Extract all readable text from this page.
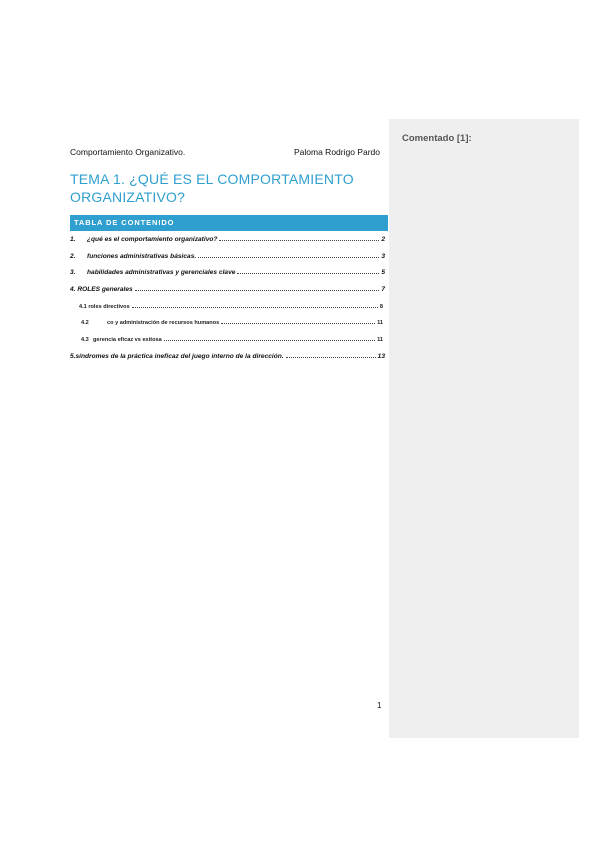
Comentado [1]:
Comportamiento Organizativo.	Paloma Rodrigo Pardo
TEMA 1. ¿QUÉ ES EL COMPORTAMIENTO ORGANIZATIVO?
TABLA DE CONTENIDO
1.	¿qué es el comportamiento organizativo?	2
2.	funciones administrativas básicas.	3
3.	habilidades administrativas y gerenciales clave	5
4. ROLES generales	7
4.1 roles directivos	8
4.2	co y administración de recursos humanos	11
4.3 gerencia eficaz vs exitosa	11
5.síndromes de la práctica ineficaz del juego interno de la dirección.	13
1
